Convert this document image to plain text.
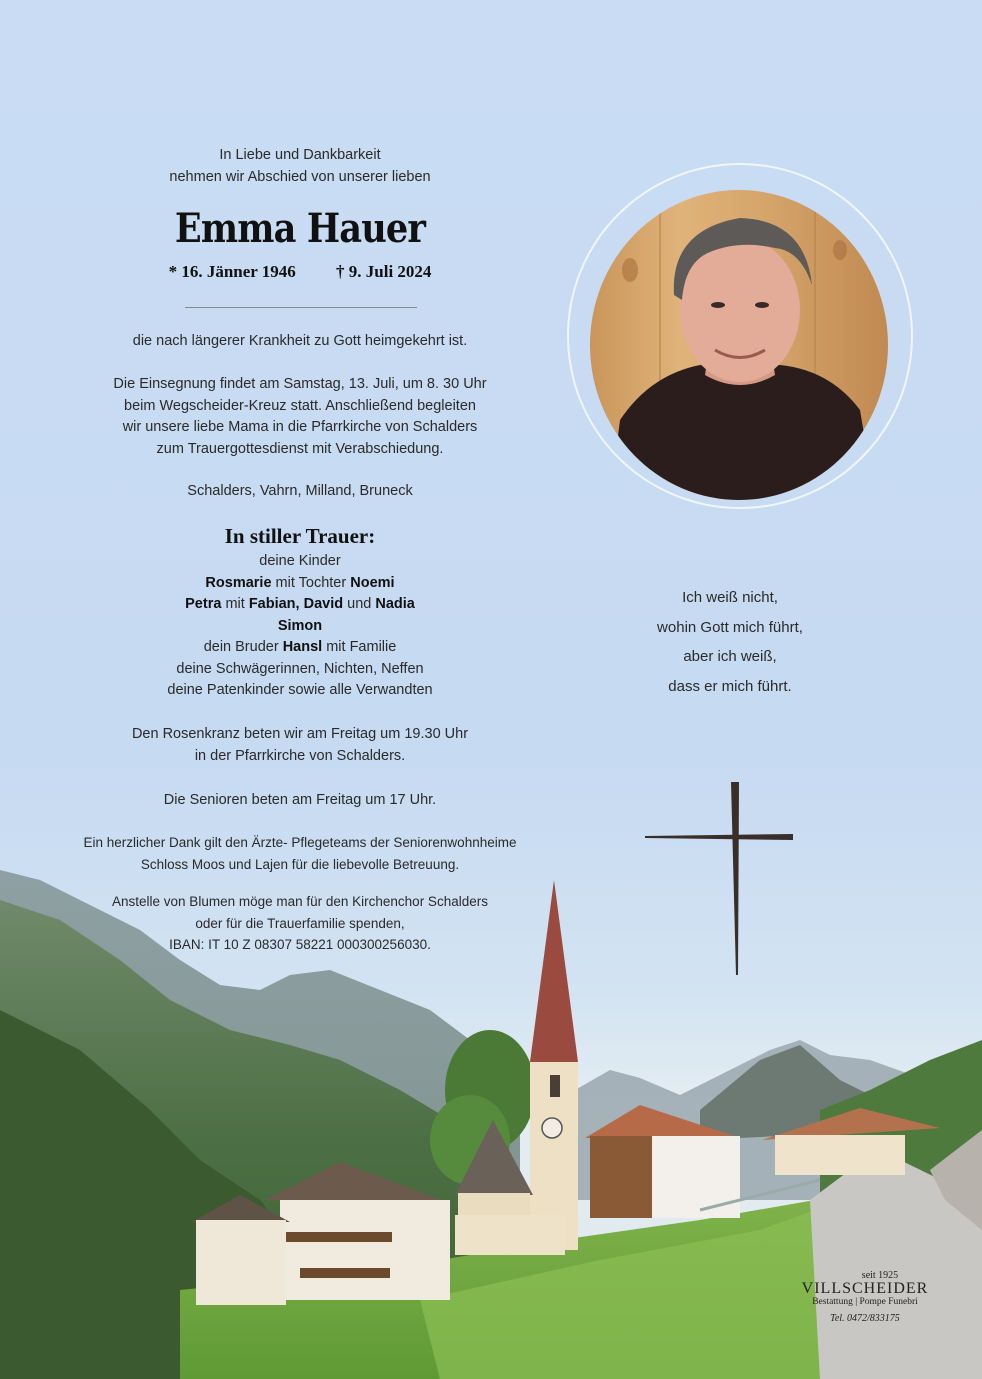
In Liebe und Dankbarkeit
nehmen wir Abschied von unserer lieben
Emma Hauer
* 16. Jänner 1946 † 9. Juli 2024
die nach längerer Krankheit zu Gott heimgekehrt ist.
Die Einsegnung findet am Samstag, 13. Juli, um 8. 30 Uhr
beim Wegscheider-Kreuz statt. Anschließend begleiten
wir unsere liebe Mama in die Pfarrkirche von Schalders
zum Trauergottesdienst mit Verabschiedung.
Schalders, Vahrn, Milland, Bruneck
In stiller Trauer:
deine Kinder
Rosmarie mit Tochter Noemi
Petra mit Fabian, David und Nadia
Simon
dein Bruder Hansl mit Familie
deine Schwägerinnen, Nichten, Neffen
deine Patenkinder sowie alle Verwandten
Den Rosenkranz beten wir am Freitag um 19.30 Uhr
in der Pfarrkirche von Schalders.
Die Senioren beten am Freitag um 17 Uhr.
Ein herzlicher Dank gilt den Ärzte- Pflegeteams der Seniorenwohnheime
Schloss Moos und Lajen für die liebevolle Betreuung.
Anstelle von Blumen möge man für den Kirchenchor Schalders
oder für die Trauerfamilie spenden,
IBAN: IT 10 Z 08307 58221 000300256030.
Ich weiß nicht,
wohin Gott mich führt,
aber ich weiß,
dass er mich führt.
seit 1925
VILLSCHEIDER
Bestattung | Pompe Funebri
Tel. 0472/833175
